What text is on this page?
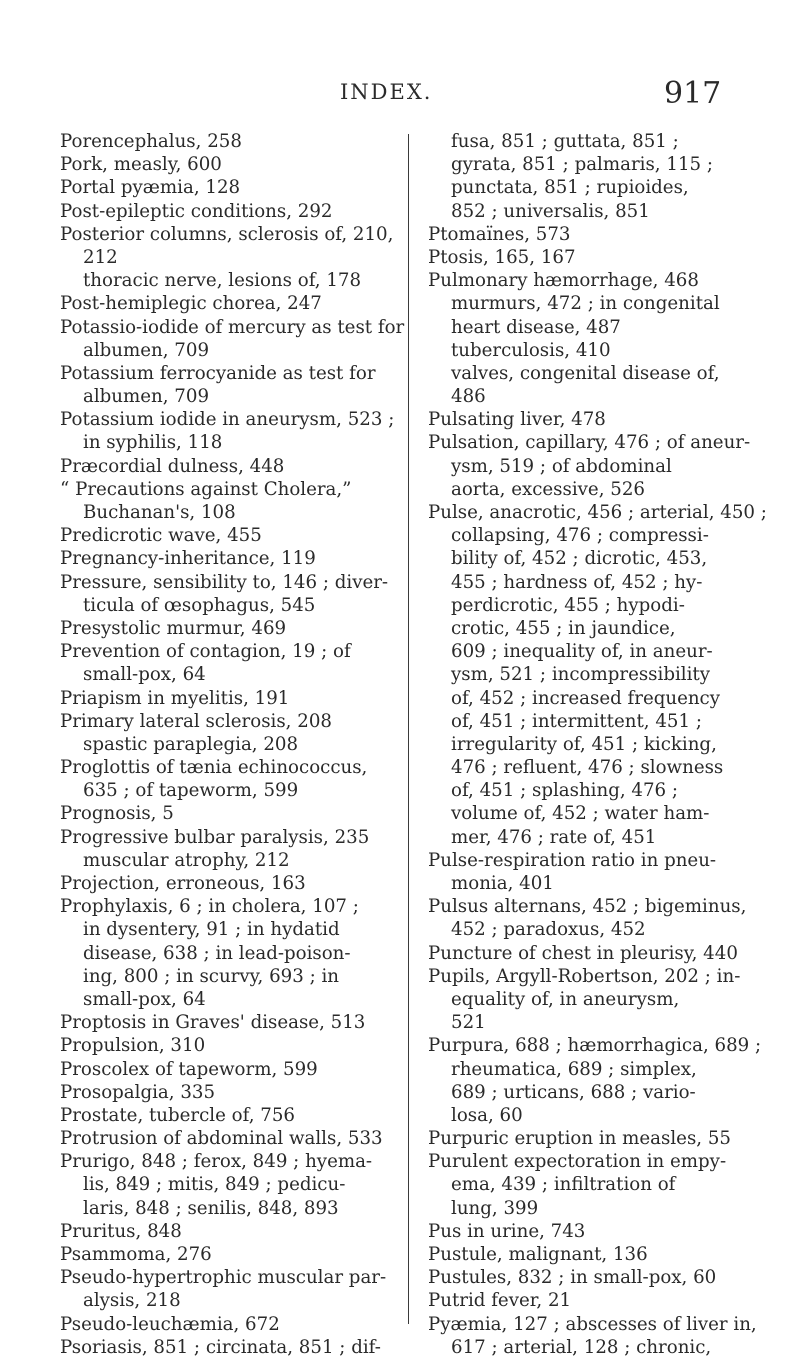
INDEX.	917
Porencephalus, 258
Pork, measly, 600
Portal pyæmia, 128
Post-epileptic conditions, 292
Posterior columns, sclerosis of, 210,
212
thoracic nerve, lesions of, 178
Post-hemiplegic chorea, 247
Potassio-iodide of mercury as test for
albumen, 709
Potassium ferrocyanide as test for
albumen, 709
Potassium iodide in aneurysm, 523 ;
in syphilis, 118
Præcordial dulness, 448
“ Precautions against Cholera,”
Buchanan's, 108
Predicrotic wave, 455
Pregnancy-inheritance, 119
Pressure, sensibility to, 146 ; diver-
ticula of œsophagus, 545
Presystolic murmur, 469
Prevention of contagion, 19 ; of
small-pox, 64
Priapism in myelitis, 191
Primary lateral sclerosis, 208
spastic paraplegia, 208
Proglottis of tænia echinococcus,
635 ; of tapeworm, 599
Prognosis, 5
Progressive bulbar paralysis, 235
muscular atrophy, 212
Projection, erroneous, 163
Prophylaxis, 6 ; in cholera, 107 ;
in dysentery, 91 ; in hydatid
disease, 638 ; in lead-poison-
ing, 800 ; in scurvy, 693 ; in
small-pox, 64
Proptosis in Graves' disease, 513
Propulsion, 310
Proscolex of tapeworm, 599
Prosopalgia, 335
Prostate, tubercle of, 756
Protrusion of abdominal walls, 533
Prurigo, 848 ; ferox, 849 ; hyema-
lis, 849 ; mitis, 849 ; pedicu-
laris, 848 ; senilis, 848, 893
Pruritus, 848
Psammoma, 276
Pseudo-hypertrophic muscular par-
alysis, 218
Pseudo-leuchæmia, 672
Psoriasis, 851 ; circinata, 851 ; dif-
fusa, 851 ; guttata, 851 ;
gyrata, 851 ; palmaris, 115 ;
punctata, 851 ; rupioides,
852 ; universalis, 851
Ptomaïnes, 573
Ptosis, 165, 167
Pulmonary hæmorrhage, 468
murmurs, 472 ; in congenital
heart disease, 487
tuberculosis, 410
valves, congenital disease of,
486
Pulsating liver, 478
Pulsation, capillary, 476 ; of aneur-
ysm, 519 ; of abdominal
aorta, excessive, 526
Pulse, anacrotic, 456 ; arterial, 450 ;
collapsing, 476 ; compressi-
bility of, 452 ; dicrotic, 453,
455 ; hardness of, 452 ; hy-
perdicrotic, 455 ; hypodi-
crotic, 455 ; in jaundice,
609 ; inequality of, in aneur-
ysm, 521 ; incompressibility
of, 452 ; increased frequency
of, 451 ; intermittent, 451 ;
irregularity of, 451 ; kicking,
476 ; refluent, 476 ; slowness
of, 451 ; splashing, 476 ;
volume of, 452 ; water ham-
mer, 476 ; rate of, 451
Pulse-respiration ratio in pneu-
monia, 401
Pulsus alternans, 452 ; bigeminus,
452 ; paradoxus, 452
Puncture of chest in pleurisy, 440
Pupils, Argyll-Robertson, 202 ; in-
equality of, in aneurysm,
521
Purpura, 688 ; hæmorrhagica, 689 ;
rheumatica, 689 ; simplex,
689 ; urticans, 688 ; vario-
losa, 60
Purpuric eruption in measles, 55
Purulent expectoration in empy-
ema, 439 ; infiltration of
lung, 399
Pus in urine, 743
Pustule, malignant, 136
Pustules, 832 ; in small-pox, 60
Putrid fever, 21
Pyæmia, 127 ; abscesses of liver in,
617 ; arterial, 128 ; chronic,
